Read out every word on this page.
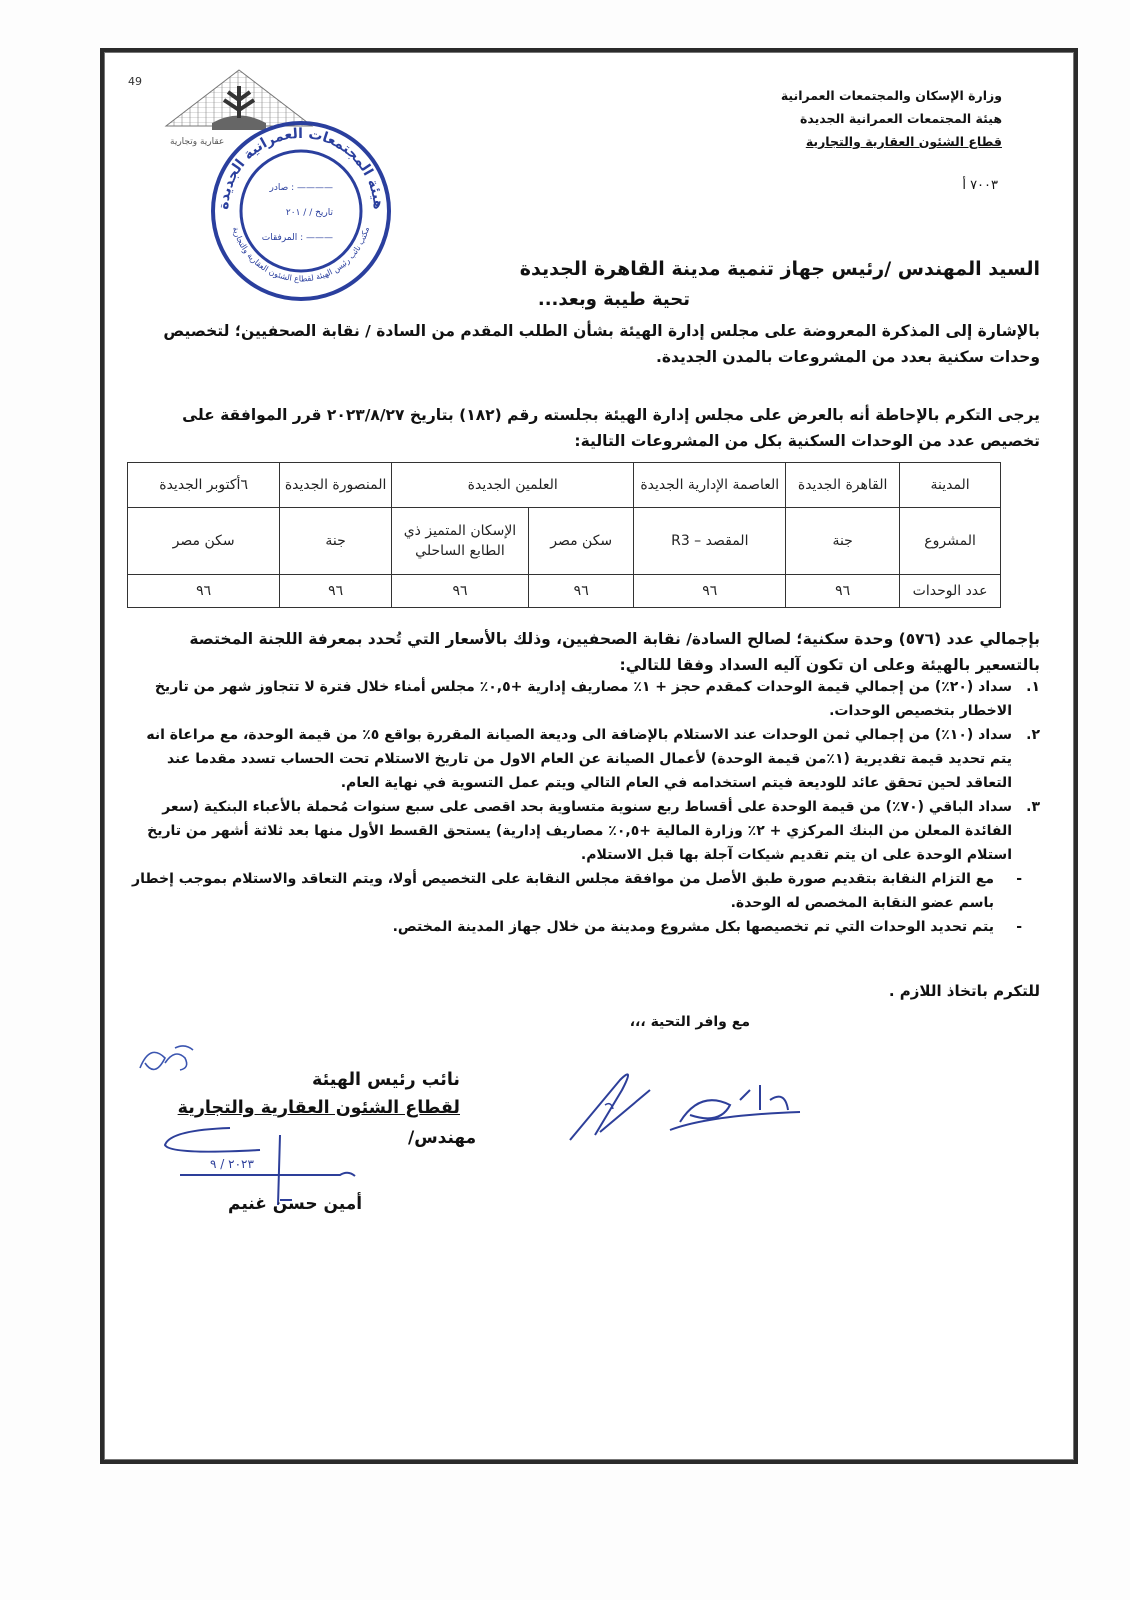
49
عقارية وتجارية
هيئة المجتمعات العمرانية الجديدة
مكتب نائب رئيس الهيئة لقطاع الشئون العقارية والتجارية
صادر : ————
تاريخ / / ٢٠١
المرفقات : ———
وزارة الإسكان والمجتمعات العمرانية
هيئة المجتمعات العمرانية الجديدة
قطاع الشئون العقارية والتجارية
٧٠٠٣ أ
السيد المهندس /رئيس جهاز تنمية مدينة القاهرة الجديدة
تحية طيبة وبعد...
بالإشارة إلى المذكرة المعروضة على مجلس إدارة الهيئة بشأن الطلب المقدم من السادة / نقابة الصحفيين؛ لتخصيص وحدات سكنية بعدد من المشروعات بالمدن الجديدة.
يرجى التكرم بالإحاطة أنه بالعرض على مجلس إدارة الهيئة بجلسته رقم (١٨٢) بتاريخ ٢٠٢٣/٨/٢٧ قرر الموافقة على تخصيص عدد من الوحدات السكنية بكل من المشروعات التالية:
المدينة	القاهرة الجديدة	العاصمة الإدارية الجديدة	العلمين الجديدة		المنصورة الجديدة	٦أكتوبر الجديدة
المشروع	جنة	المقصد – R3	سكن مصر	الإسكان المتميز ذي الطابع الساحلي	جنة	سكن مصر
عدد الوحدات	٩٦	٩٦	٩٦	٩٦	٩٦	٩٦
بإجمالي عدد (٥٧٦) وحدة سكنية؛ لصالح السادة/ نقابة الصحفيين، وذلك بالأسعار التي تُحدد بمعرفة اللجنة المختصة بالتسعير بالهيئة وعلى ان تكون آليه السداد وفقا للتالي:
١.
سداد (٢٠٪) من إجمالي قيمة الوحدات كمقدم حجز + ١٪ مصاريف إدارية +٠,٥٪ مجلس أمناء خلال فترة لا تتجاوز شهر من تاريخ الاخطار بتخصيص الوحدات.
٢.
سداد (١٠٪) من إجمالي ثمن الوحدات عند الاستلام بالإضافة الى وديعة الصيانة المقررة بواقع ٥٪ من قيمة الوحدة، مع مراعاة انه يتم تحديد قيمة تقديرية (١٪من قيمة الوحدة) لأعمال الصيانة عن العام الاول من تاريخ الاستلام تحت الحساب تسدد مقدما عند التعاقد لحين تحقق عائد للوديعة فيتم استخدامه في العام التالي ويتم عمل التسوية في نهاية العام.
٣.
سداد الباقي (٧٠٪) من قيمة الوحدة على أقساط ربع سنوية متساوية بحد اقصى على سبع سنوات مُحملة بالأعباء البنكية (سعر الفائدة المعلن من البنك المركزي + ٢٪ وزارة المالية +٠,٥٪ مصاريف إدارية) يستحق القسط الأول منها بعد ثلاثة أشهر من تاريخ استلام الوحدة على ان يتم تقديم شيكات آجلة بها قبل الاستلام.
-
مع التزام النقابة بتقديم صورة طبق الأصل من موافقة مجلس النقابة على التخصيص أولا، ويتم التعاقد والاستلام بموجب إخطار باسم عضو النقابة المخصص له الوحدة.
-
يتم تحديد الوحدات التي تم تخصيصها بكل مشروع ومدينة من خلال جهاز المدينة المختص.
للتكرم باتخاذ اللازم .
مع وافر التحية ،،،
نائب رئيس الهيئة
لقطاع الشئون العقارية والتجارية
مهندس/
٢٠٢٣ / ٩
أمين حسن غنيم
